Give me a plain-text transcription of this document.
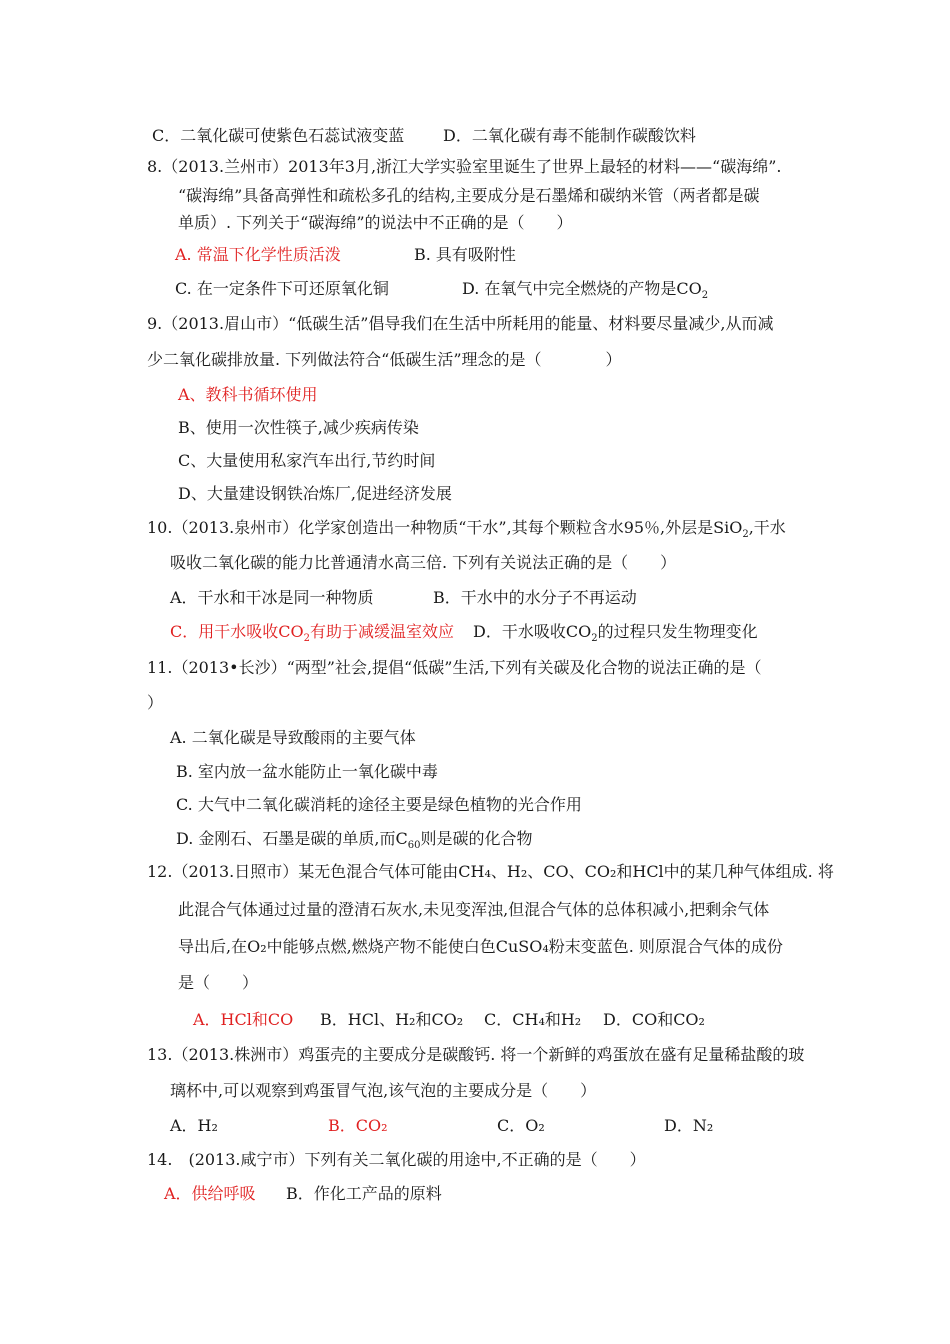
C．二氧化碳可使紫色石蕊试液变蓝 D．二氧化碳有毒不能制作碳酸饮料
8.（2013.兰州市）2013年3月,浙江大学实验室里诞生了世界上最轻的材料——“碳海绵”.
“碳海绵”具备高弹性和疏松多孔的结构,主要成分是石墨烯和碳纳米管（两者都是碳
单质）. 下列关于“碳海绵”的说法中不正确的是（　　）
A. 常温下化学性质活泼	B. 具有吸附性
C. 在一定条件下可还原氧化铜	D. 在氧气中完全燃烧的产物是$CO_2$
9.（2013.眉山市）“低碳生活”倡导我们在生活中所耗用的能量、材料要尽量减少,从而减
少二氧化碳排放量. 下列做法符合“低碳生活”理念的是（　　　　）
A、教科书循环使用
B、使用一次性筷子,减少疾病传染
C、大量使用私家汽车出行,节约时间
D、大量建设钢铁冶炼厂,促进经济发展
10.（2013.泉州市）化学家创造出一种物质“干水”,其每个颗粒含水95％,外层是SiO$_2$,干水
吸收二氧化碳的能力比普通清水高三倍. 下列有关说法正确的是（　　）
A．干水和干冰是同一种物质	B．干水中的水分子不再运动
C．用干水吸收$CO_2$有助于减缓温室效应 D．干水吸收$CO_2$的过程只发生物理变化
11.（2013•长沙）“两型”社会,提倡“低碳”生活,下列有关碳及化合物的说法正确的是（
）
A. 二氧化碳是导致酸雨的主要气体
B. 室内放一盆水能防止一氧化碳中毒
C. 大气中二氧化碳消耗的途径主要是绿色植物的光合作用
D. 金刚石、石墨是碳的单质,而$C_{60}$则是碳的化合物
12.（2013.日照市）某无色混合气体可能由CH₄、H₂、CO、CO₂和HCl中的某几种气体组成. 将
此混合气体通过过量的澄清石灰水,未见变浑浊,但混合气体的总体积减小,把剩余气体
导出后,在O₂中能够点燃,燃烧产物不能使白色CuSO₄粉末变蓝色. 则原混合气体的成份
是（　　）
A．HCl和CO B．HCl、H₂和CO₂ C．CH₄和H₂ D．CO和CO₂
13.（2013.株洲市）鸡蛋壳的主要成分是碳酸钙. 将一个新鲜的鸡蛋放在盛有足量稀盐酸的玻
璃杯中,可以观察到鸡蛋冒气泡,该气泡的主要成分是（　　）
A．H₂	B．CO₂	C．O₂	D．N₂
14.　(2013.咸宁市）下列有关二氧化碳的用途中,不正确的是（　　）
A．供给呼吸 B．作化工产品的原料
